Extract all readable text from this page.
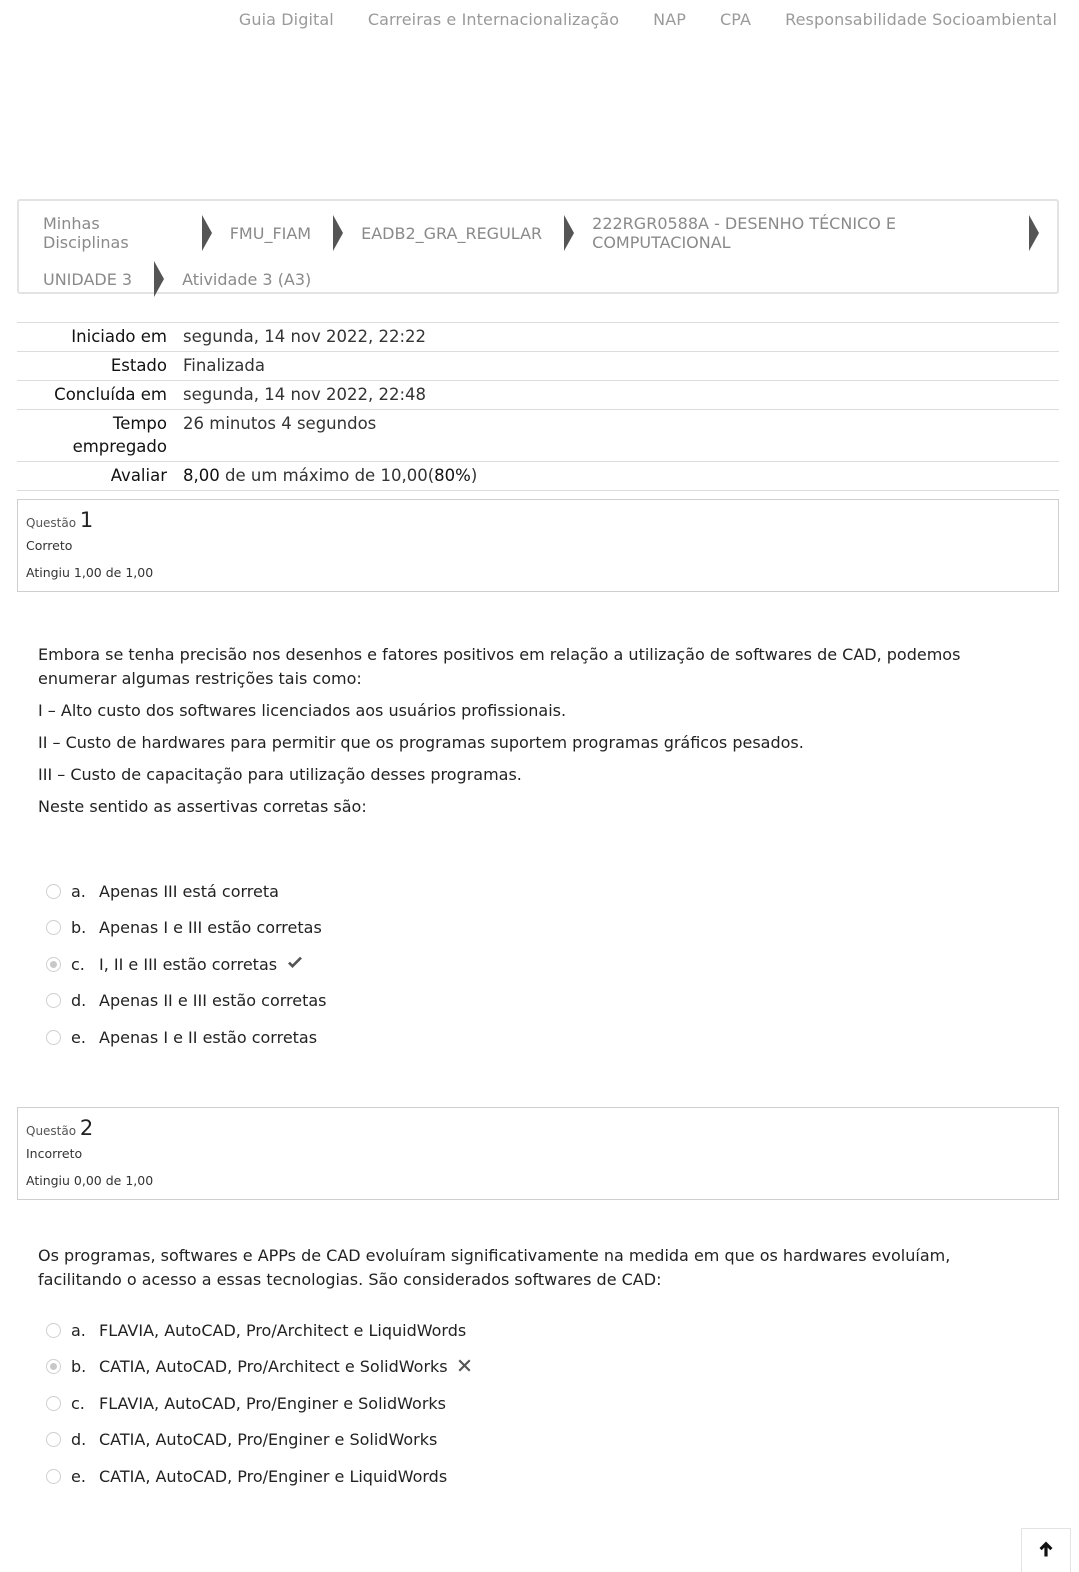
Guia Digital Carreiras e Internacionalização NAP CPA Responsabilidade Socioambiental
Minhas Disciplinas	FMU_FIAM	EADB2_GRA_REGULAR	222RGR0588A - DESENHO TÉCNICO E COMPUTACIONAL
UNIDADE 3	Atividade 3 (A3)
Iniciado em	segunda, 14 nov 2022, 22:22
Estado	Finalizada
Concluída em	segunda, 14 nov 2022, 22:48
Tempo
empregado	26 minutos 4 segundos
Avaliar	8,00 de um máximo de 10,00(80%)
Questão 1
Correto
Atingiu 1,00 de 1,00

Embora se tenha precisão nos desenhos e fatores positivos em relação a utilização de softwares de CAD, podemos enumerar algumas restrições tais como:

I – Alto custo dos softwares licenciados aos usuários profissionais.

II – Custo de hardwares para permitir que os programas suportem programas gráficos pesados.

III – Custo de capacitação para utilização desses programas.

Neste sentido as assertivas corretas são:

a. Apenas III está correta
b. Apenas I e III estão corretas
c. I, II e III estão corretas
d. Apenas II e III estão corretas
e. Apenas I e II estão corretas
Questão 2
Incorreto
Atingiu 0,00 de 1,00

Os programas, softwares e APPs de CAD evoluíram significativamente na medida em que os hardwares evoluíam, facilitando o acesso a essas tecnologias. São considerados softwares de CAD:

a. FLAVIA, AutoCAD, Pro/Architect e LiquidWords
b. CATIA, AutoCAD, Pro/Architect e SolidWorks
c. FLAVIA, AutoCAD, Pro/Enginer e SolidWorks
d. CATIA, AutoCAD, Pro/Enginer e SolidWorks
e. CATIA, AutoCAD, Pro/Enginer e LiquidWords
